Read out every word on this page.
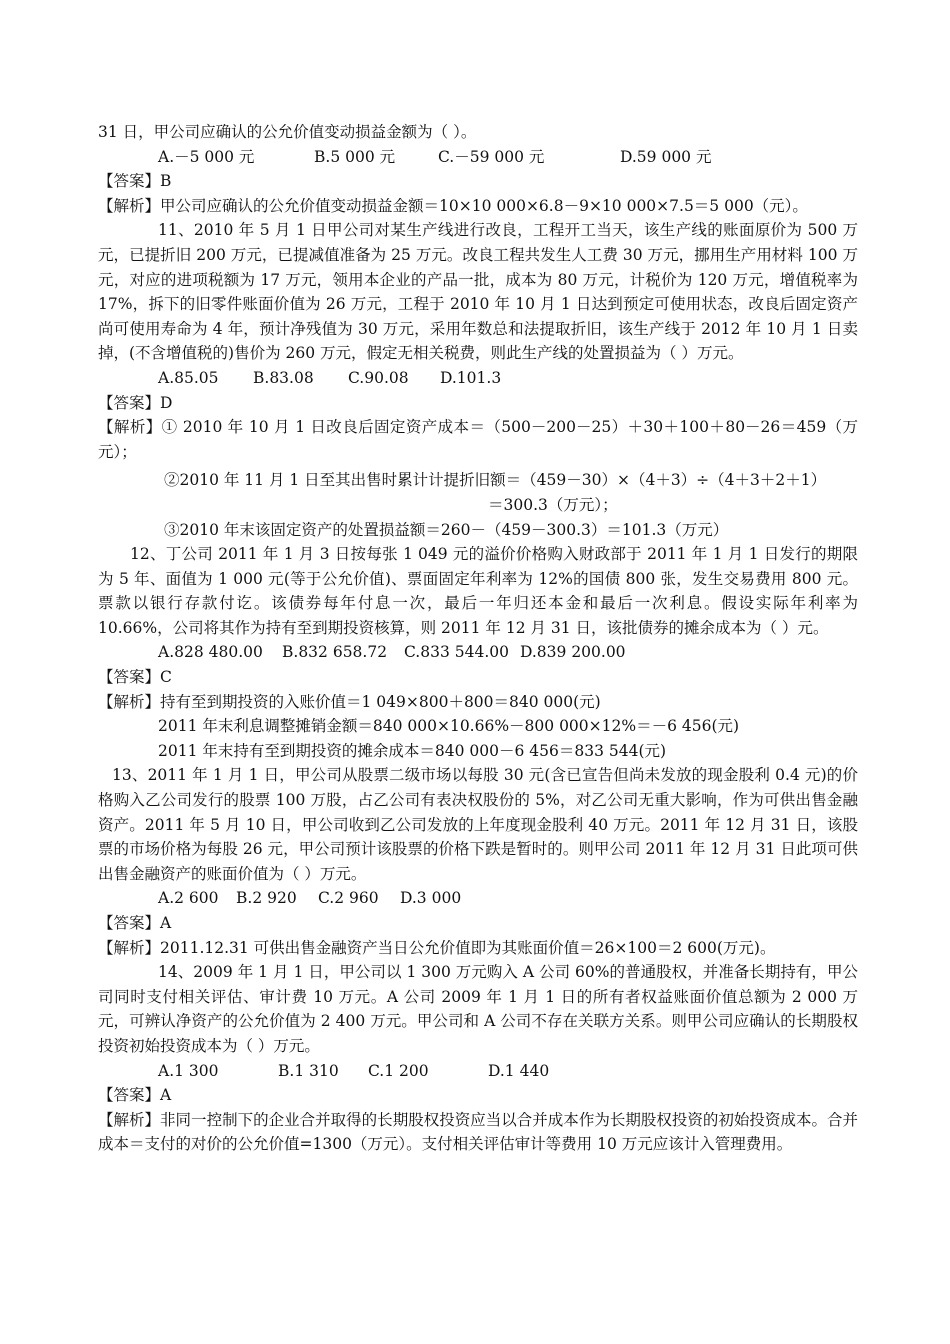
31 日，甲公司应确认的公允价值变动损益金额为（ ）。

A.－5 000 元	B.5 000 元	C.－59 000 元	D.59 000 元

【答案】B

【解析】甲公司应确认的公允价值变动损益金额＝10×10 000×6.8－9×10 000×7.5＝5 000（元）。

11、2010 年 5 月 1 日甲公司对某生产线进行改良，工程开工当天，该生产线的账面原价为 500 万元，已提折旧 200 万元，已提减值准备为 25 万元。改良工程共发生人工费 30 万元，挪用生产用材料 100 万元，对应的进项税额为 17 万元，领用本企业的产品一批，成本为 80 万元，计税价为 120 万元，增值税率为 17%，拆下的旧零件账面价值为 26 万元，工程于 2010 年 10 月 1 日达到预定可使用状态，改良后固定资产尚可使用寿命为 4 年，预计净残值为 30 万元，采用年数总和法提取折旧，该生产线于 2012 年 10 月 1 日卖掉，(不含增值税的)售价为 260 万元，假定无相关税费，则此生产线的处置损益为（ ）万元。

A.85.05	B.83.08	C.90.08	D.101.3

【答案】D

【解析】① 2010 年 10 月 1 日改良后固定资产成本＝（500－200－25）＋30＋100＋80－26＝459（万元）；

②2010 年 11 月 1 日至其出售时累计计提折旧额＝（459－30）×（4＋3）÷（4＋3＋2＋1）

＝300.3（万元）；

③2010 年末该固定资产的处置损益额＝260－（459－300.3）＝101.3（万元）

12、丁公司 2011 年 1 月 3 日按每张 1 049 元的溢价价格购入财政部于 2011 年 1 月 1 日发行的期限为 5 年、面值为 1 000 元(等于公允价值)、票面固定年利率为 12%的国债 800 张，发生交易费用 800 元。票款以银行存款付讫。该债券每年付息一次，最后一年归还本金和最后一次利息。假设实际年利率为 10.66%，公司将其作为持有至到期投资核算，则 2011 年 12 月 31 日，该批债券的摊余成本为（ ）元。

A.828 480.00	B.832 658.72	C.833 544.00 D.839 200.00

【答案】C

【解析】持有至到期投资的入账价值＝1 049×800＋800＝840 000(元)

2011 年末利息调整摊销金额＝840 000×10.66%－800 000×12%＝－6 456(元)

2011 年末持有至到期投资的摊余成本＝840 000－6 456＝833 544(元)

13、2011 年 1 月 1 日，甲公司从股票二级市场以每股 30 元(含已宣告但尚未发放的现金股利 0.4 元)的价格购入乙公司发行的股票 100 万股，占乙公司有表决权股份的 5%，对乙公司无重大影响，作为可供出售金融资产。2011 年 5 月 10 日，甲公司收到乙公司发放的上年度现金股利 40 万元。2011 年 12 月 31 日，该股票的市场价格为每股 26 元，甲公司预计该股票的价格下跌是暂时的。则甲公司 2011 年 12 月 31 日此项可供出售金融资产的账面价值为（ ）万元。

A.2 600	B.2 920	C.2 960	D.3 000

【答案】A

【解析】2011.12.31 可供出售金融资产当日公允价值即为其账面价值＝26×100＝2 600(万元)。

14、2009 年 1 月 1 日，甲公司以 1 300 万元购入 A 公司 60%的普通股权，并准备长期持有，甲公司同时支付相关评估、审计费 10 万元。A 公司 2009 年 1 月 1 日的所有者权益账面价值总额为 2 000 万元，可辨认净资产的公允价值为 2 400 万元。甲公司和 A 公司不存在关联方关系。则甲公司应确认的长期股权投资初始投资成本为（ ）万元。

A.1 300	B.1 310	C.1 200	D.1 440

【答案】A

【解析】非同一控制下的企业合并取得的长期股权投资应当以合并成本作为长期股权投资的初始投资成本。合并成本＝支付的对价的公允价值=1300（万元）。支付相关评估审计等费用 10 万元应该计入管理费用。
